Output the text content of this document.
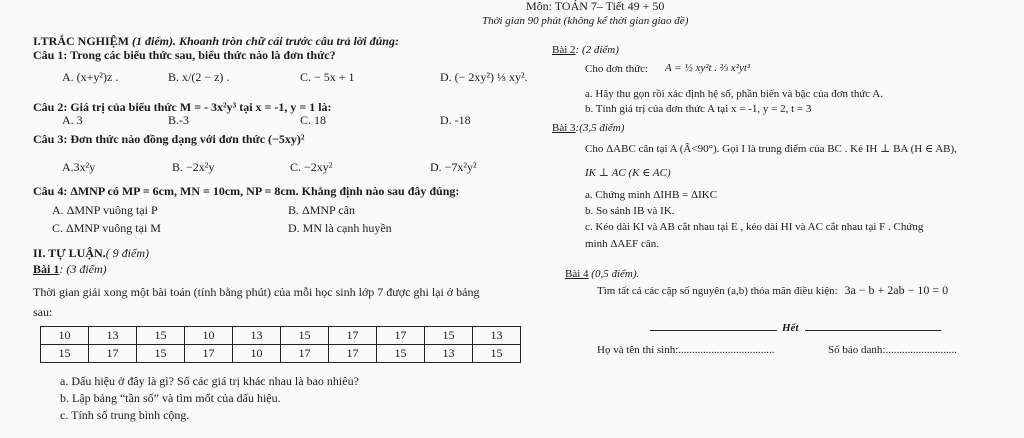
Môn: TOÁN 7– Tiết 49 + 50
Thời gian 90 phút (không kể thời gian giao đề)
I.TRẮC NGHIỆM (1 điểm). Khoanh tròn chữ cái trước câu trả lời đúng:
Câu 1: Trong các biểu thức sau, biểu thức nào là đơn thức?
A. (x+y²)z .	B. x/(2 − z) .	C. − 5x + 1	D. (− 2xy²) ⅓ xy².
Câu 2: Giá trị của biểu thức M = - 3x²y³ tại x = -1, y = 1 là:
A. 3	B.-3	C. 18	D. -18
Câu 3: Đơn thức nào đồng dạng với đơn thức (−5xy)²
A.3x²y	B. −2x²y	C. −2xy²	D. −7x²y²
Câu 4: ΔMNP có MP = 6cm, MN = 10cm, NP = 8cm. Khẳng định nào sau đây đúng:
A. ΔMNP vuông tại P	B. ΔMNP cân
C. ΔMNP vuông tại M	D. MN là cạnh huyền
II. TỰ LUẬN.( 9 điểm)
Bài 1: (3 điểm)
Thời gian giải xong một bài toán (tính bằng phút) của mỗi học sinh lớp 7 được ghi lại ở bảng
sau:
10	13	15	10	13	15	17	17	15	13
15	17	15	17	10	17	17	15	13	15
a. Dấu hiệu ở đây là gì? Số các giá trị khác nhau là bao nhiêu?
b. Lập bảng “tần số” và tìm mốt của dấu hiệu.
c. Tính số trung bình cộng.
Bài 2: (2 điểm)
Cho đơn thức: A = ½ xy²t . ⅔ x²yt³
a. Hãy thu gọn rồi xác định hệ số, phần biến và bậc của đơn thức A.
b. Tính giá trị của đơn thức A tại x = -1, y = 2, t = 3
Bài 3:(3,5 điểm)
Cho ΔABC cân tại A (Â<90°). Gọi I là trung điểm của BC . Kẻ IH ⊥ BA (H ∈ AB),
IK ⊥ AC (K ∈ AC)
a. Chứng minh ΔIHB = ΔIKC
b. So sánh IB và IK.
c. Kéo dài KI và AB cắt nhau tại E , kéo dài HI và AC cắt nhau tại F . Chứng
minh ΔAEF cân.
Bài 4 (0,5 điểm).
Tìm tất cả các cặp số nguyên (a,b) thỏa mãn điều kiện: 3a − b + 2ab − 10 = 0
Hết
Họ và tên thí sinh:...................................	Số báo danh:..........................
